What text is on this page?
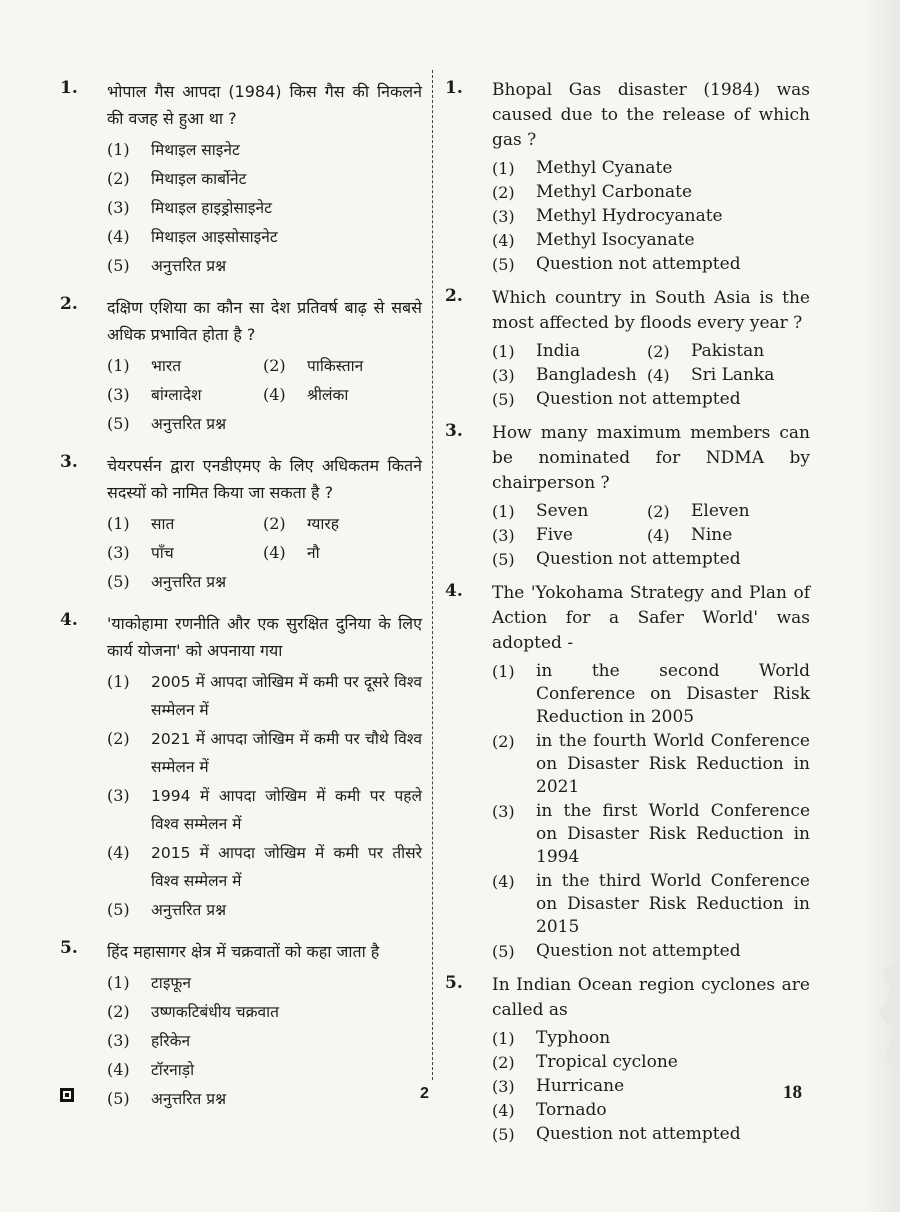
1. भोपाल गैस आपदा (1984) किस गैस की निकलने की वजह से हुआ था ?
(1)	मिथाइल साइनेट
(2)	मिथाइल कार्बोनेट
(3)	मिथाइल हाइड्रोसाइनेट
(4)	मिथाइल आइसोसाइनेट
(5)	अनुत्तरित प्रश्न
2. दक्षिण एशिया का कौन सा देश प्रतिवर्ष बाढ़ से सबसे अधिक प्रभावित होता है ?
(1)	भारत	(2)	पाकिस्तान
(3)	बांग्लादेश	(4)	श्रीलंका
(5)	अनुत्तरित प्रश्न
3. चेयरपर्सन द्वारा एनडीएमए के लिए अधिकतम कितने सदस्यों को नामित किया जा सकता है ?
(1)	सात	(2)	ग्यारह
(3)	पाँच	(4)	नौ
(5)	अनुत्तरित प्रश्न
4. 'याकोहामा रणनीति और एक सुरक्षित दुनिया के लिए कार्य योजना' को अपनाया गया
(1)	2005 में आपदा जोखिम में कमी पर दूसरे विश्व सम्मेलन में
(2)	2021 में आपदा जोखिम में कमी पर चौथे विश्व सम्मेलन में
(3)	1994 में आपदा जोखिम में कमी पर पहले विश्व सम्मेलन में
(4)	2015 में आपदा जोखिम में कमी पर तीसरे विश्व सम्मेलन में
(5)	अनुत्तरित प्रश्न
5. हिंद महासागर क्षेत्र में चक्रवातों को कहा जाता है
(1)	टाइफून
(2)	उष्णकटिबंधीय चक्रवात
(3)	हरिकेन
(4)	टॉरनाड़ो
(5)	अनुत्तरित प्रश्न
1. Bhopal Gas disaster (1984) was caused due to the release of which gas ?
(1)	Methyl Cyanate
(2)	Methyl Carbonate
(3)	Methyl Hydrocyanate
(4)	Methyl Isocyanate
(5)	Question not attempted
2. Which country in South Asia is the most affected by floods every year ?
(1)	India	(2)	Pakistan
(3)	Bangladesh (4)	Sri Lanka
(5)	Question not attempted
3. How many maximum members can be nominated for NDMA by chairperson ?
(1)	Seven	(2)	Eleven
(3)	Five	(4)	Nine
(5)	Question not attempted
4. The 'Yokohama Strategy and Plan of Action for a Safer World' was adopted -
(1)	in the second World Conference on Disaster Risk Reduction in 2005
(2)	in the fourth World Conference on Disaster Risk Reduction in 2021
(3)	in the first World Conference on Disaster Risk Reduction in 1994
(4)	in the third World Conference on Disaster Risk Reduction in 2015
(5)	Question not attempted
5. In Indian Ocean region cyclones are called as
(1)	Typhoon
(2)	Tropical cyclone
(3)	Hurricane
(4)	Tornado
(5)	Question not attempted
2	18
